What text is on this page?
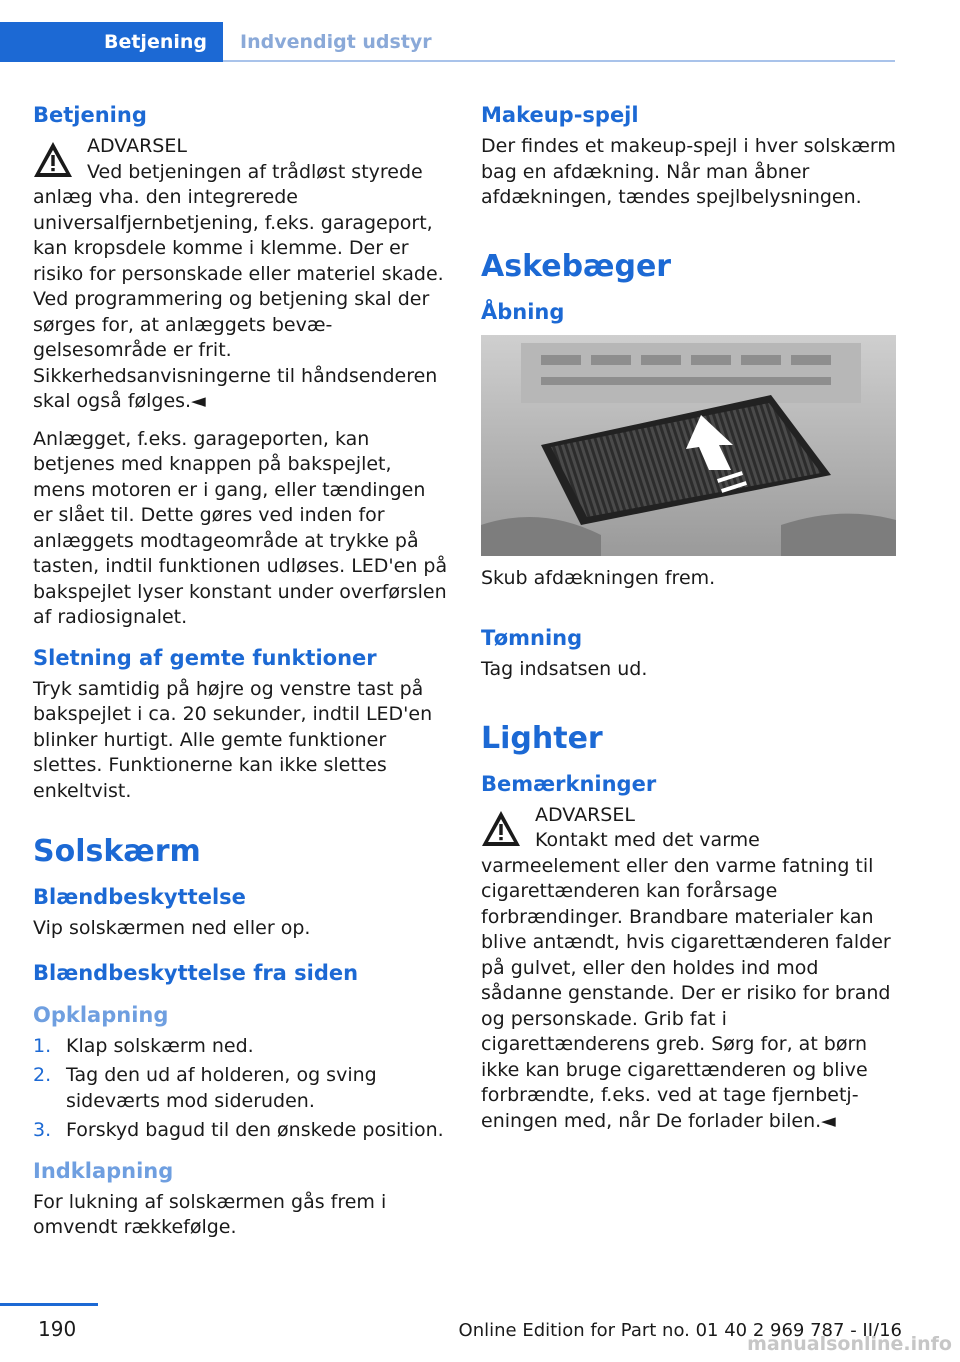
Betjening	Indvendigt udstyr
Betjening
ADVARSEL
Ved betjeningen af trådløst styrede anlæg vha. den integrerede universalfjernbetjening, f.eks. garageport, kan kropsdele komme i klemme. Der er risiko for personskade eller materiel skade. Ved programmering og betjening skal der sørges for, at anlæggets bevægelsesområde er frit. Sikkerhedsanvisningerne til håndsenderen skal også følges.◄

Anlægget, f.eks. garageporten, kan betjenes med knappen på bakspejlet, mens motoren er i gang, eller tændingen er slået til. Dette gøres ved inden for anlæggets modtageområde at trykke på tasten, indtil funktionen udløses. LED'en på bakspejlet lyser konstant under overførslen af radiosignalet.

Sletning af gemte funktioner

Tryk samtidig på højre og venstre tast på bakspejlet i ca. 20 sekunder, indtil LED'en blinker hurtigt. Alle gemte funktioner slettes. Funktionerne kan ikke slettes enkeltvist.

Solskærm
Blændbeskyttelse

Vip solskærmen ned eller op.

Blændbeskyttelse fra siden
Opklapning
1. Klap solskærm ned.
2. Tag den ud af holderen, og sving sideværts mod sideruden.
3. Forskyd bagud til den ønskede position.
Indklapning

For lukning af solskærmen gås frem i omvendt rækkefølge.

Makeup-spejl

Der findes et makeup-spejl i hver solskærm bag en afdækning. Når man åbner afdækningen, tændes spejlbelysningen.

Askebæger
Åbning

Skub afdækningen frem.

Tømning

Tag indsatsen ud.

Lighter
Bemærkninger
ADVARSEL
Kontakt med det varme varmeelement eller den varme fatning til cigarettænderen kan forårsage forbrændinger. Brandbare materialer kan blive antændt, hvis cigarettænderen falder på gulvet, eller den holdes ind mod sådanne genstande. Der er risiko for brand og personskade. Grib fat i cigarettænderens greb. Sørg for, at børn ikke kan bruge cigarettænderen og blive forbrændte, f.eks. ved at tage fjernbetjeningen med, når De forlader bilen.◄
190	Online Edition for Part no. 01 40 2 969 787 - II/16
manualsonline.info
